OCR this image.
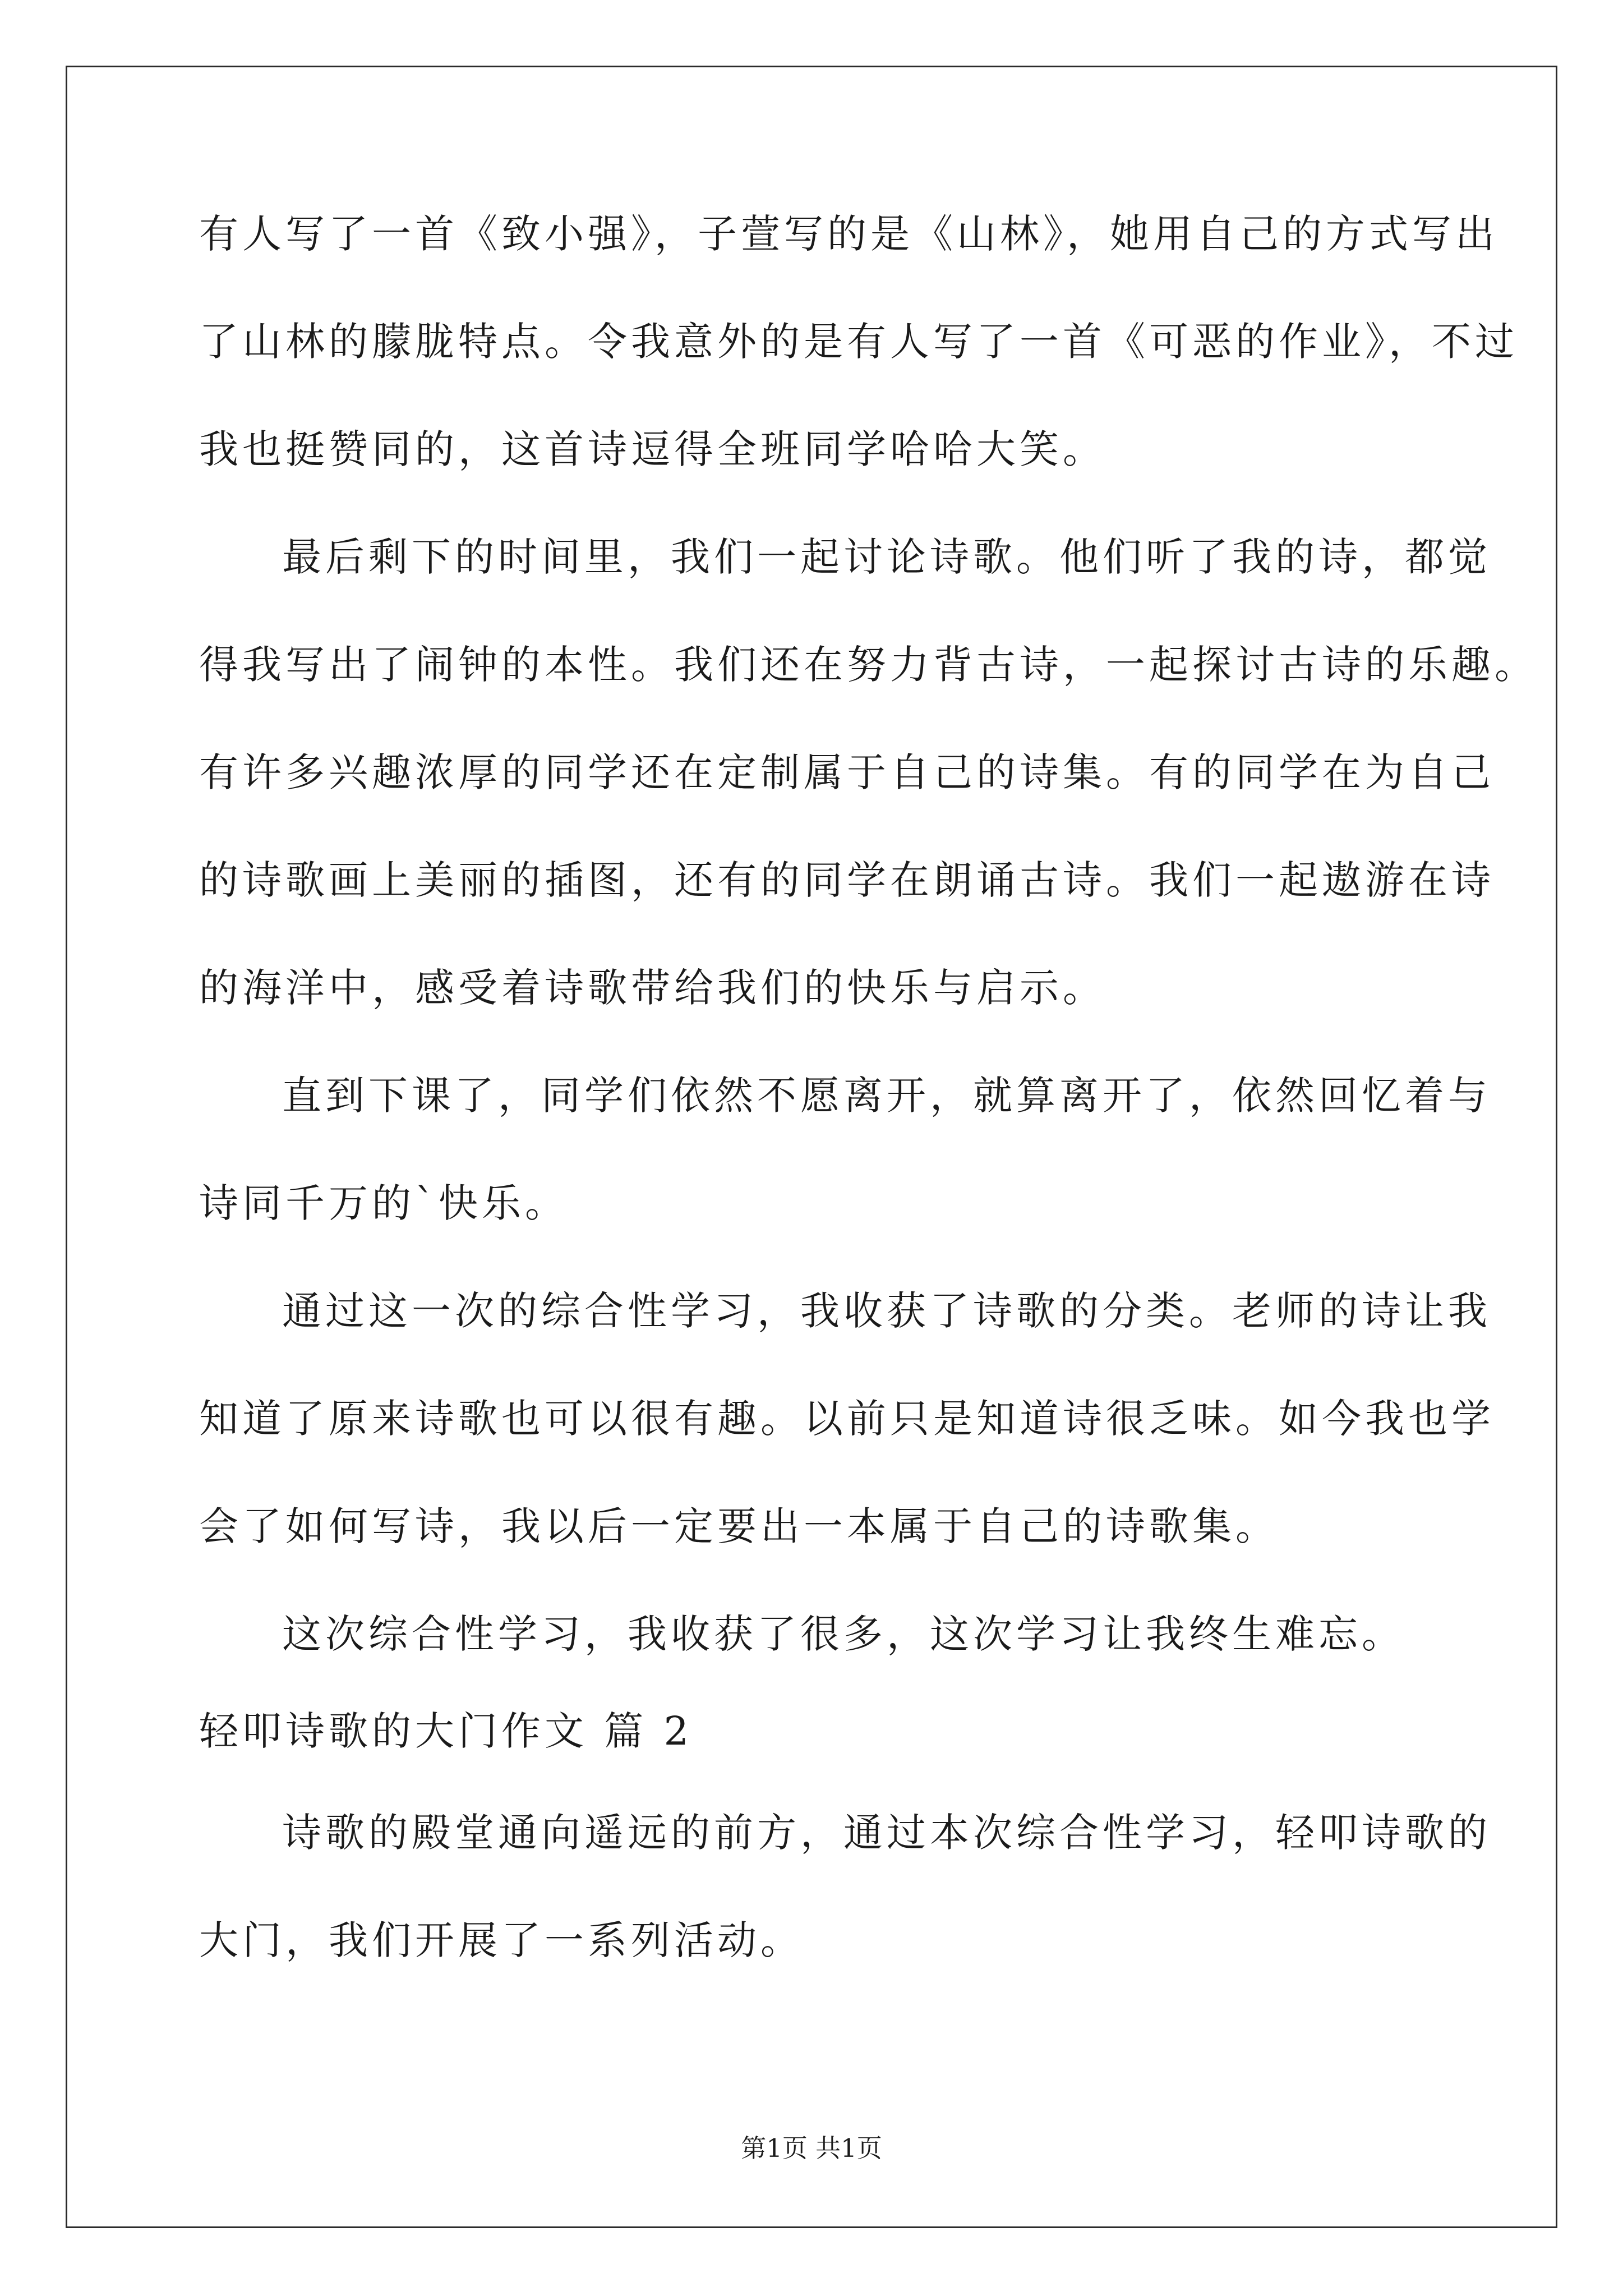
有人写了一首《致小强》，子萱写的是《山林》，她用自己的方式写出
了山林的朦胧特点。令我意外的是有人写了一首《可恶的作业》，不过
我也挺赞同的，这首诗逗得全班同学哈哈大笑。
最后剩下的时间里，我们一起讨论诗歌。他们听了我的诗，都觉
得我写出了闹钟的本性。我们还在努力背古诗，一起探讨古诗的乐趣。
有许多兴趣浓厚的同学还在定制属于自己的诗集。有的同学在为自己
的诗歌画上美丽的插图，还有的同学在朗诵古诗。我们一起遨游在诗
的海洋中，感受着诗歌带给我们的快乐与启示。
直到下课了，同学们依然不愿离开，就算离开了，依然回忆着与
诗同千万的`快乐。
通过这一次的综合性学习，我收获了诗歌的分类。老师的诗让我
知道了原来诗歌也可以很有趣。以前只是知道诗很乏味。如今我也学
会了如何写诗，我以后一定要出一本属于自己的诗歌集。
这次综合性学习，我收获了很多，这次学习让我终生难忘。
轻叩诗歌的大门作文 篇 2
诗歌的殿堂通向遥远的前方，通过本次综合性学习，轻叩诗歌的
大门，我们开展了一系列活动。
第1页 共1页
